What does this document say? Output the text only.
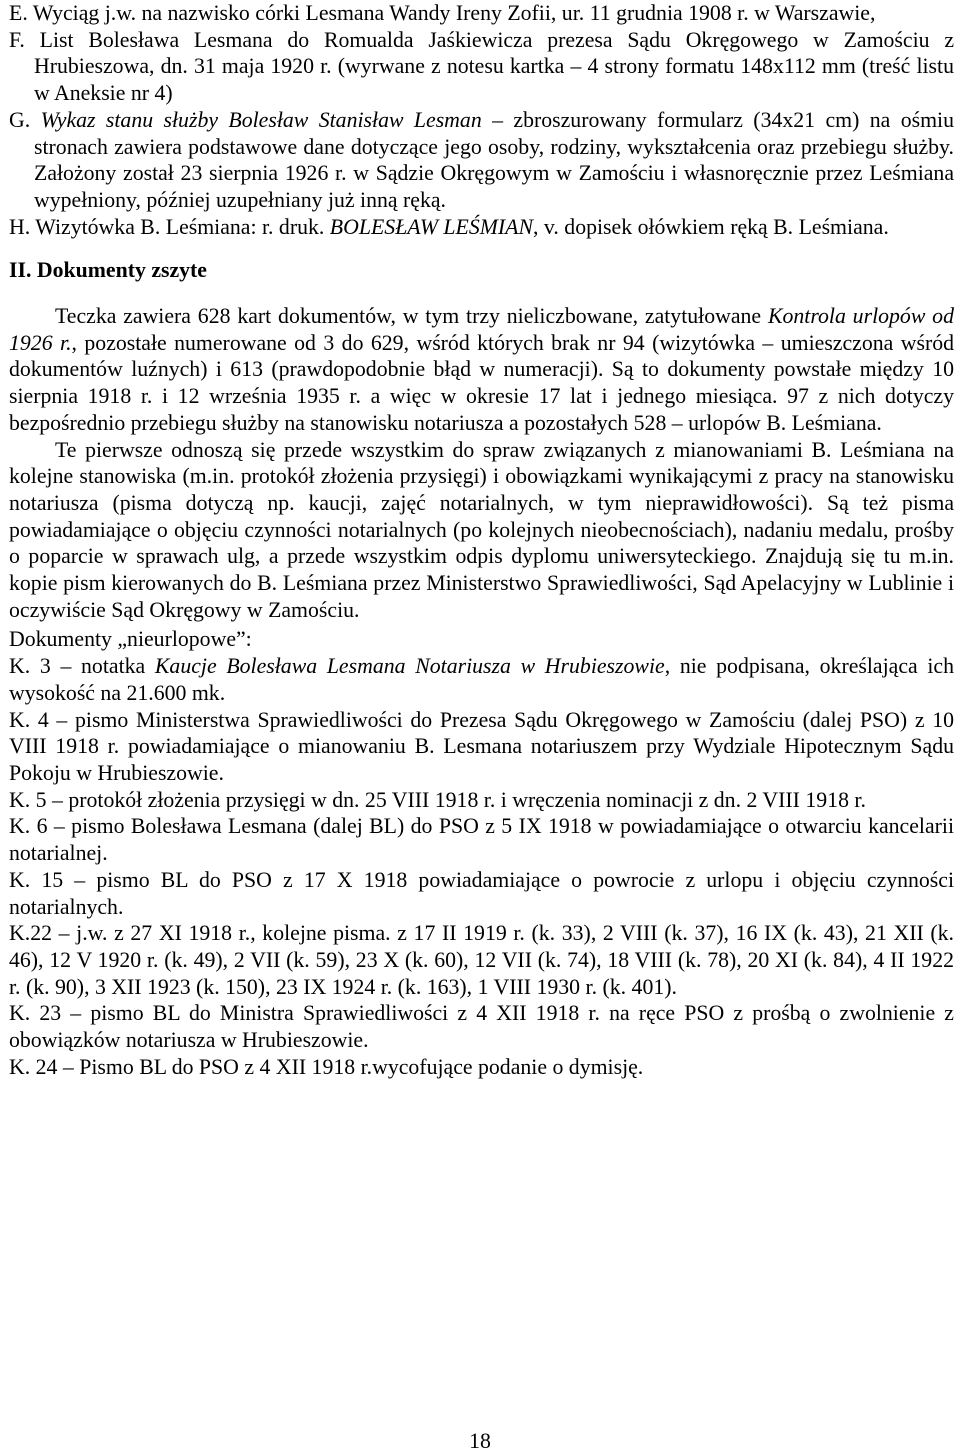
E. Wyciąg j.w. na nazwisko córki Lesmana Wandy Ireny Zofii, ur. 11 grudnia 1908 r. w Warszawie,

F. List Bolesława Lesmana do Romualda Jaśkiewicza prezesa Sądu Okręgowego w Zamościu z Hrubieszowa, dn. 31 maja 1920 r. (wyrwane z notesu kartka – 4 strony formatu 148x112 mm (treść listu w Aneksie nr 4)

G. Wykaz stanu służby Bolesław Stanisław Lesman – zbroszurowany formularz (34x21 cm) na ośmiu stronach zawiera podstawowe dane dotyczące jego osoby, rodziny, wykształcenia oraz przebiegu służby. Założony został 23 sierpnia 1926 r. w Sądzie Okręgowym w Zamościu i własnoręcznie przez Leśmiana wypełniony, później uzupełniany już inną ręką.

H. Wizytówka B. Leśmiana: r. druk. BOLESŁAW LEŚMIAN, v. dopisek ołówkiem ręką B. Leśmiana.

II. Dokumenty zszyte

Teczka zawiera 628 kart dokumentów, w tym trzy nieliczbowane, zatytułowane Kontrola urlopów od 1926 r., pozostałe numerowane od 3 do 629, wśród których brak nr 94 (wizytówka – umieszczona wśród dokumentów luźnych) i 613 (prawdopodobnie błąd w numeracji). Są to dokumenty powstałe między 10 sierpnia 1918 r. i 12 września 1935 r. a więc w okresie 17 lat i jednego miesiąca. 97 z nich dotyczy bezpośrednio przebiegu służby na stanowisku notariusza a pozostałych 528 – urlopów B. Leśmiana.

Te pierwsze odnoszą się przede wszystkim do spraw związanych z mianowaniami B. Leśmiana na kolejne stanowiska (m.in. protokół złożenia przysięgi) i obowiązkami wynikającymi z pracy na stanowisku notariusza (pisma dotyczą np. kaucji, zajęć notarialnych, w tym nieprawidłowości). Są też pisma powiadamiające o objęciu czynności notarialnych (po kolejnych nieobecnościach), nadaniu medalu, prośby o poparcie w sprawach ulg, a przede wszystkim odpis dyplomu uniwersyteckiego. Znajdują się tu m.in. kopie pism kierowanych do B. Leśmiana przez Ministerstwo Sprawiedliwości, Sąd Apelacyjny w Lublinie i oczywiście Sąd Okręgowy w Zamościu.

Dokumenty „nieurlopowe”:

K. 3 – notatka Kaucje Bolesława Lesmana Notariusza w Hrubieszowie, nie podpisana, określająca ich wysokość na 21.600 mk.

K. 4 – pismo Ministerstwa Sprawiedliwości do Prezesa Sądu Okręgowego w Zamościu (dalej PSO) z 10 VIII 1918 r. powiadamiające o mianowaniu B. Lesmana notariuszem przy Wydziale Hipotecznym Sądu Pokoju w Hrubieszowie.

K. 5 – protokół złożenia przysięgi w dn. 25 VIII 1918 r. i wręczenia nominacji z dn. 2 VIII 1918 r.

K. 6 – pismo Bolesława Lesmana (dalej BL) do PSO z 5 IX 1918 w powiadamiające o otwarciu kancelarii notarialnej.

K. 15 – pismo BL do PSO z 17 X 1918 powiadamiające o powrocie z urlopu i objęciu czynności notarialnych.

K.22 – j.w. z 27 XI 1918 r., kolejne pisma. z 17 II 1919 r. (k. 33), 2 VIII (k. 37), 16 IX (k. 43), 21 XII (k. 46), 12 V 1920 r. (k. 49), 2 VII (k. 59), 23 X (k. 60), 12 VII (k. 74), 18 VIII (k. 78), 20 XI (k. 84), 4 II 1922 r. (k. 90), 3 XII 1923 (k. 150), 23 IX 1924 r. (k. 163), 1 VIII 1930 r. (k. 401).

K. 23 – pismo BL do Ministra Sprawiedliwości z 4 XII 1918 r. na ręce PSO z prośbą o zwolnienie z obowiązków notariusza w Hrubieszowie.

K. 24 – Pismo BL do PSO z 4 XII 1918 r.wycofujące podanie o dymisję.

18
